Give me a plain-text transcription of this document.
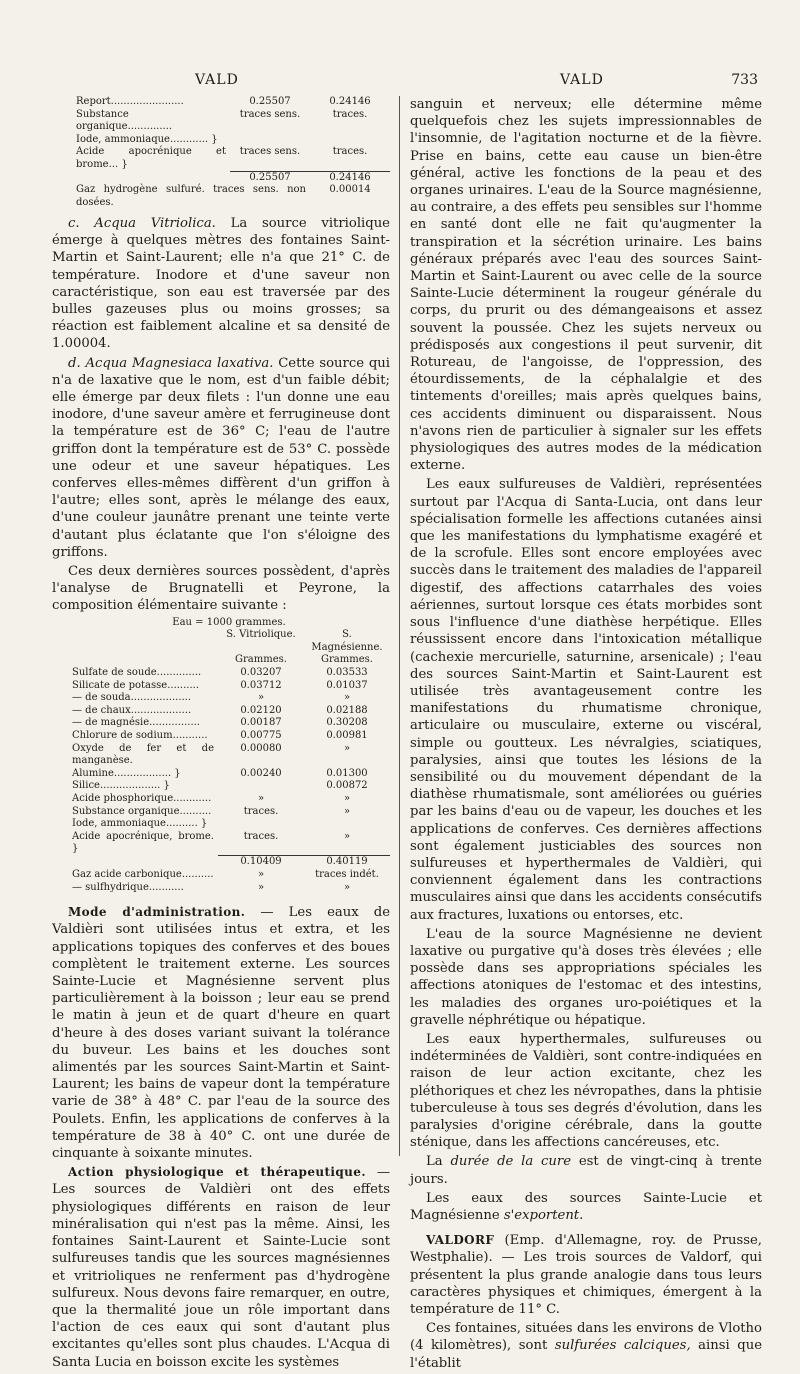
VALD	VALD	733
Report.......................	0.25507	0.24146
Substance organique..............	traces sens.	traces.
Iode, ammoniaque............ }		
Acide apocrénique et brome... }	traces sens.	traces.
	0.25507	0.24146
Gaz hydrogène sulfuré. traces sens. non dosées.		0.00014

c. Acqua Vitriolica. La source vitriolique émerge à quelques mètres des fontaines Saint-Martin et Saint-Laurent; elle n'a que 21° C. de température. Inodore et d'une saveur non caractéristique, son eau est traversée par des bulles gazeuses plus ou moins grosses; sa réaction est faiblement alcaline et sa densité de 1.00004.

d. Acqua Magnesiaca laxativa. Cette source qui n'a de laxative que le nom, est d'un faible débit; elle émerge par deux filets : l'un donne une eau inodore, d'une saveur amère et ferrugineuse dont la température est de 36° C; l'eau de l'autre griffon dont la température est de 53° C. possède une odeur et une saveur hépatiques. Les conferves elles-mêmes diffèrent d'un griffon à l'autre; elles sont, après le mélange des eaux, d'une couleur jaunâtre prenant une teinte verte d'autant plus éclatante que l'on s'éloigne des griffons.

Ces deux dernières sources possèdent, d'après l'analyse de Brugnatelli et Peyrone, la composition élémentaire suivante :

Eau = 1000 grammes.		
	S. Vitriolique.	S. Magnésienne.
	Grammes.	Grammes.
Sulfate de soude..............	0.03207	0.03533
Silicate de potasse..........	0.03712	0.01037
— de souda...................	»	»
— de chaux...................	0.02120	0.02188
— de magnésie................	0.00187	0.30208
Chlorure de sodium...........	0.00775	0.00981
Oxyde de fer et de manganèse.	0.00080	»
Alumine.................. }	0.00240	0.01300
Silice................... }		0.00872
Acide phosphorique............	»	»
Substance organique..........	traces.	»
Iode, ammoniaque.......... }		
Acide apocrénique, brome. }	traces.	»
	0.10409	0.40119
Gaz acide carbonique..........	»	traces indét.
— sulfhydrique...........	»	»

Mode d'administration. — Les eaux de Valdièri sont utilisées intus et extra, et les applications topiques des conferves et des boues complètent le traitement externe. Les sources Sainte-Lucie et Magnésienne servent plus particulièrement à la boisson ; leur eau se prend le matin à jeun et de quart d'heure en quart d'heure à des doses variant suivant la tolérance du buveur. Les bains et les douches sont alimentés par les sources Saint-Martin et Saint-Laurent; les bains de vapeur dont la température varie de 38° à 48° C. par l'eau de la source des Poulets. Enfin, les applications de conferves à la température de 38 à 40° C. ont une durée de cinquante à soixante minutes.

Action physiologique et thérapeutique. — Les sources de Valdièri ont des effets physiologiques différents en raison de leur minéralisation qui n'est pas la même. Ainsi, les fontaines Saint-Laurent et Sainte-Lucie sont sulfureuses tandis que les sources magnésiennes et vritrioliques ne renferment pas d'hydrogène sulfureux. Nous devons faire remarquer, en outre, que la thermalité joue un rôle important dans l'action de ces eaux qui sont d'autant plus excitantes qu'elles sont plus chaudes. L'Acqua di Santa Lucia en boisson excite les systèmes

sanguin et nerveux; elle détermine même quelquefois chez les sujets impressionnables de l'insomnie, de l'agitation nocturne et de la fièvre. Prise en bains, cette eau cause un bien-être général, active les fonctions de la peau et des organes urinaires. L'eau de la Source magnésienne, au contraire, a des effets peu sensibles sur l'homme en santé dont elle ne fait qu'augmenter la transpiration et la sécrétion urinaire. Les bains généraux préparés avec l'eau des sources Saint-Martin et Saint-Laurent ou avec celle de la source Sainte-Lucie déterminent la rougeur générale du corps, du prurit ou des démangeaisons et assez souvent la poussée. Chez les sujets nerveux ou prédisposés aux congestions il peut survenir, dit Rotureau, de l'angoisse, de l'oppression, des étourdissements, de la céphalalgie et des tintements d'oreilles; mais après quelques bains, ces accidents diminuent ou disparaissent. Nous n'avons rien de particulier à signaler sur les effets physiologiques des autres modes de la médication externe.

Les eaux sulfureuses de Valdièri, représentées surtout par l'Acqua di Santa-Lucia, ont dans leur spécialisation formelle les affections cutanées ainsi que les manifestations du lymphatisme exagéré et de la scrofule. Elles sont encore employées avec succès dans le traitement des maladies de l'appareil digestif, des affections catarrhales des voies aériennes, surtout lorsque ces états morbides sont sous l'influence d'une diathèse herpétique. Elles réussissent encore dans l'intoxication métallique (cachexie mercurielle, saturnine, arsenicale) ; l'eau des sources Saint-Martin et Saint-Laurent est utilisée très avantageusement contre les manifestations du rhumatisme chronique, articulaire ou musculaire, externe ou viscéral, simple ou goutteux. Les névralgies, sciatiques, paralysies, ainsi que toutes les lésions de la sensibilité ou du mouvement dépendant de la diathèse rhumatismale, sont améliorées ou guéries par les bains d'eau ou de vapeur, les douches et les applications de conferves. Ces dernières affections sont également justiciables des sources non sulfureuses et hyperthermales de Valdièri, qui conviennent également dans les contractions musculaires ainsi que dans les accidents consécutifs aux fractures, luxations ou entorses, etc.

L'eau de la source Magnésienne ne devient laxative ou purgative qu'à doses très élevées ; elle possède dans ses appropriations spéciales les affections atoniques de l'estomac et des intestins, les maladies des organes uro-poiétiques et la gravelle néphrétique ou hépatique.

Les eaux hyperthermales, sulfureuses ou indéterminées de Valdièri, sont contre-indiquées en raison de leur action excitante, chez les pléthoriques et chez les névropathes, dans la phtisie tuberculeuse à tous ses degrés d'évolution, dans les paralysies d'origine cérébrale, dans la goutte sténique, dans les affections cancéreuses, etc.

La durée de la cure est de vingt-cinq à trente jours.

Les eaux des sources Sainte-Lucie et Magnésienne s'exportent.

VALDORF (Emp. d'Allemagne, roy. de Prusse, Westphalie). — Les trois sources de Valdorf, qui présentent la plus grande analogie dans tous leurs caractères physiques et chimiques, émergent à la température de 11° C.

Ces fontaines, situées dans les environs de Vlotho (4 kilomètres), sont sulfurées calciques, ainsi que l'établit
